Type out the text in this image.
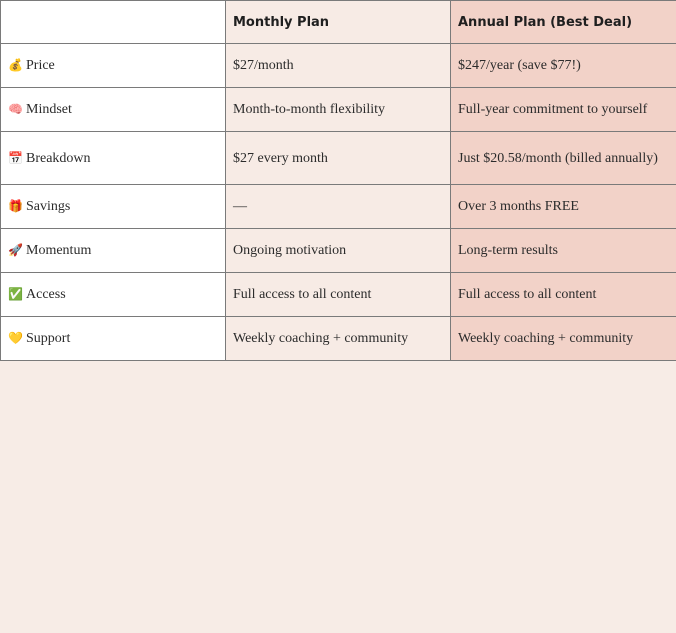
	Monthly Plan	Annual Plan (Best Deal)
💰 Price	$27/month	$247/year (save $77!)
🧠 Mindset	Month-to-month flexibility	Full-year commitment to yourself
📅 Breakdown	$27 every month	Just $20.58/month (billed annually)
🎁 Savings	—	Over 3 months FREE
🚀 Momentum	Ongoing motivation	Long-term results
✅ Access	Full access to all content	Full access to all content
💛 Support	Weekly coaching + community	Weekly coaching + community
